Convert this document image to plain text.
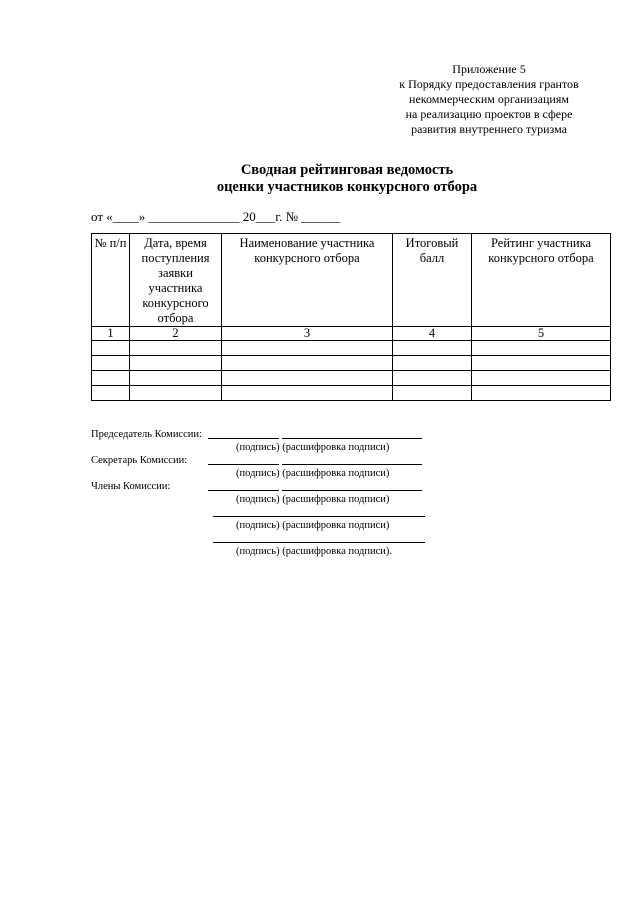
Приложение 5
к Порядку предоставления грантов
некоммерческим организациям
на реализацию проектов в сфере
развития внутреннего туризма
Сводная рейтинговая ведомость
оценки участников конкурсного отбора
от «____» ______________ 20___г. № ______
№ п/п	Дата, время поступления заявки участника конкурсного отбора	Наименование участника конкурсного отбора	Итоговый балл	Рейтинг участника конкурсного отбора
1	2	3	4	5

Председатель Комиссии:
(подпись) (расшифровка подписи)
Секретарь Комиссии:
(подпись) (расшифровка подписи)
Члены Комиссии:
(подпись) (расшифровка подписи)
(подпись) (расшифровка подписи)
(подпись) (расшифровка подписи).
